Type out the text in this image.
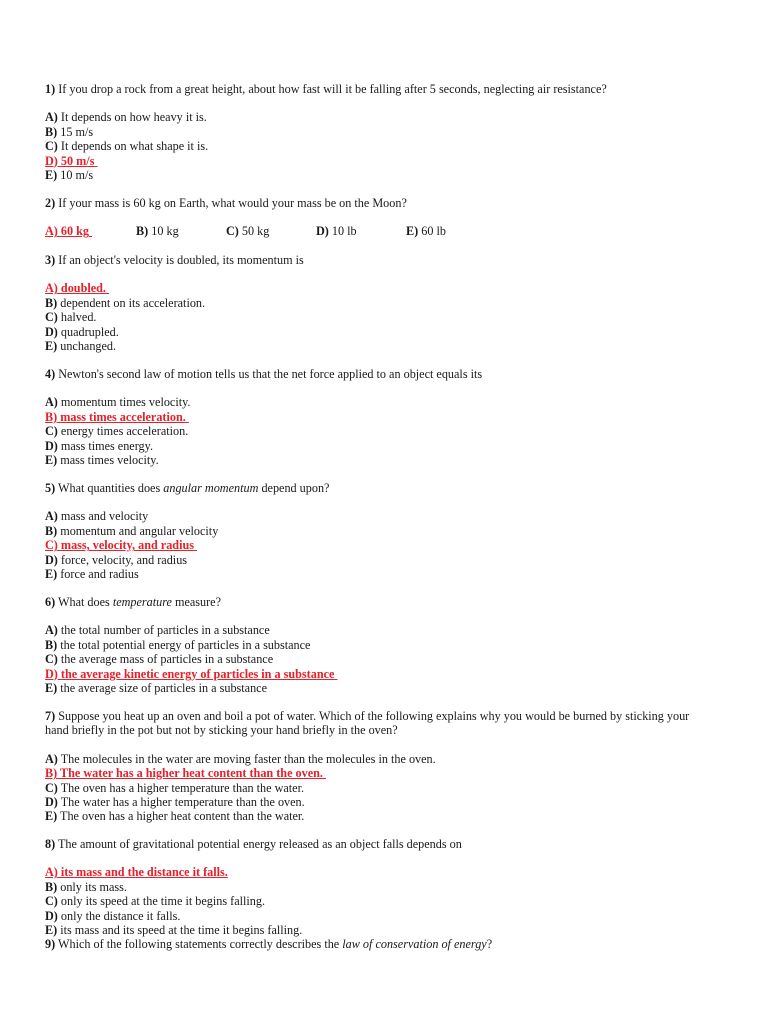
1) If you drop a rock from a great height, about how fast will it be falling after 5 seconds, neglecting air resistance?

A) It depends on how heavy it is.
B) 15 m/s
C) It depends on what shape it is.
D) 50 m/s
E) 10 m/s

2) If your mass is 60 kg on Earth, what would your mass be on the Moon?

A) 60 kg	B) 10 kg	C) 50 kg	D) 10 lb	E) 60 lb

3) If an object's velocity is doubled, its momentum is

A) doubled.
B) dependent on its acceleration.
C) halved.
D) quadrupled.
E) unchanged.

4) Newton's second law of motion tells us that the net force applied to an object equals its

A) momentum times velocity.
B) mass times acceleration.
C) energy times acceleration.
D) mass times energy.
E) mass times velocity.

5) What quantities does angular momentum depend upon?

A) mass and velocity
B) momentum and angular velocity
C) mass, velocity, and radius
D) force, velocity, and radius
E) force and radius

6) What does temperature measure?

A) the total number of particles in a substance
B) the total potential energy of particles in a substance
C) the average mass of particles in a substance
D) the average kinetic energy of particles in a substance
E) the average size of particles in a substance

7) Suppose you heat up an oven and boil a pot of water. Which of the following explains why you would be burned by sticking your hand briefly in the pot but not by sticking your hand briefly in the oven?

A) The molecules in the water are moving faster than the molecules in the oven.
B) The water has a higher heat content than the oven.
C) The oven has a higher temperature than the water.
D) The water has a higher temperature than the oven.
E) The oven has a higher heat content than the water.

8) The amount of gravitational potential energy released as an object falls depends on

A) its mass and the distance it falls.
B) only its mass.
C) only its speed at the time it begins falling.
D) only the distance it falls.
E) its mass and its speed at the time it begins falling.

9) Which of the following statements correctly describes the law of conservation of energy?
